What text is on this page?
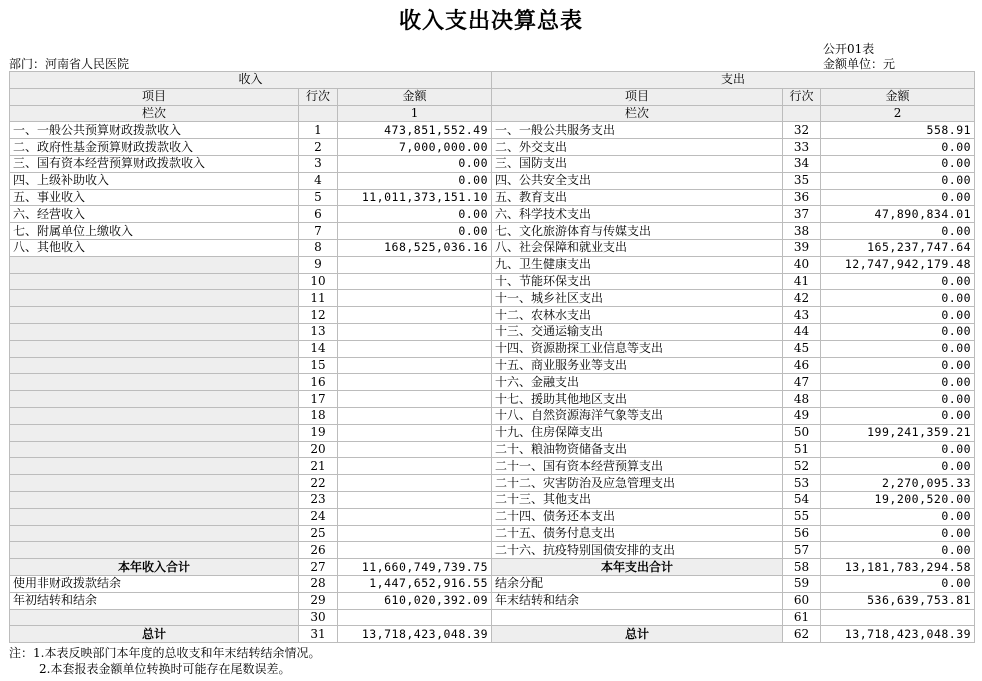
收入支出决算总表
公开01表
部门：河南省人民医院	金额单位：元
收入			支出		
项目	行次	金额	项目	行次	金额
栏次		1	栏次		2
一、一般公共预算财政拨款收入	1	473,851,552.49	一、一般公共服务支出	32	558.91
二、政府性基金预算财政拨款收入	2	7,000,000.00	二、外交支出	33	0.00
三、国有资本经营预算财政拨款收入	3	0.00	三、国防支出	34	0.00
四、上级补助收入	4	0.00	四、公共安全支出	35	0.00
五、事业收入	5	11,011,373,151.10	五、教育支出	36	0.00
六、经营收入	6	0.00	六、科学技术支出	37	47,890,834.01
七、附属单位上缴收入	7	0.00	七、文化旅游体育与传媒支出	38	0.00
八、其他收入	8	168,525,036.16	八、社会保障和就业支出	39	165,237,747.64
	9		九、卫生健康支出	40	12,747,942,179.48
	10		十、节能环保支出	41	0.00
	11		十一、城乡社区支出	42	0.00
	12		十二、农林水支出	43	0.00
	13		十三、交通运输支出	44	0.00
	14		十四、资源勘探工业信息等支出	45	0.00
	15		十五、商业服务业等支出	46	0.00
	16		十六、金融支出	47	0.00
	17		十七、援助其他地区支出	48	0.00
	18		十八、自然资源海洋气象等支出	49	0.00
	19		十九、住房保障支出	50	199,241,359.21
	20		二十、粮油物资储备支出	51	0.00
	21		二十一、国有资本经营预算支出	52	0.00
	22		二十二、灾害防治及应急管理支出	53	2,270,095.33
	23		二十三、其他支出	54	19,200,520.00
	24		二十四、债务还本支出	55	0.00
	25		二十五、债务付息支出	56	0.00
	26		二十六、抗疫特别国债安排的支出	57	0.00
本年收入合计	27	11,660,749,739.75	本年支出合计	58	13,181,783,294.58
使用非财政拨款结余	28	1,447,652,916.55	结余分配	59	0.00
年初结转和结余	29	610,020,392.09	年末结转和结余	60	536,639,753.81
	30			61	
总计	31	13,718,423,048.39	总计	62	13,718,423,048.39
注：1.本表反映部门本年度的总收支和年末结转结余情况。
2.本套报表金额单位转换时可能存在尾数误差。
